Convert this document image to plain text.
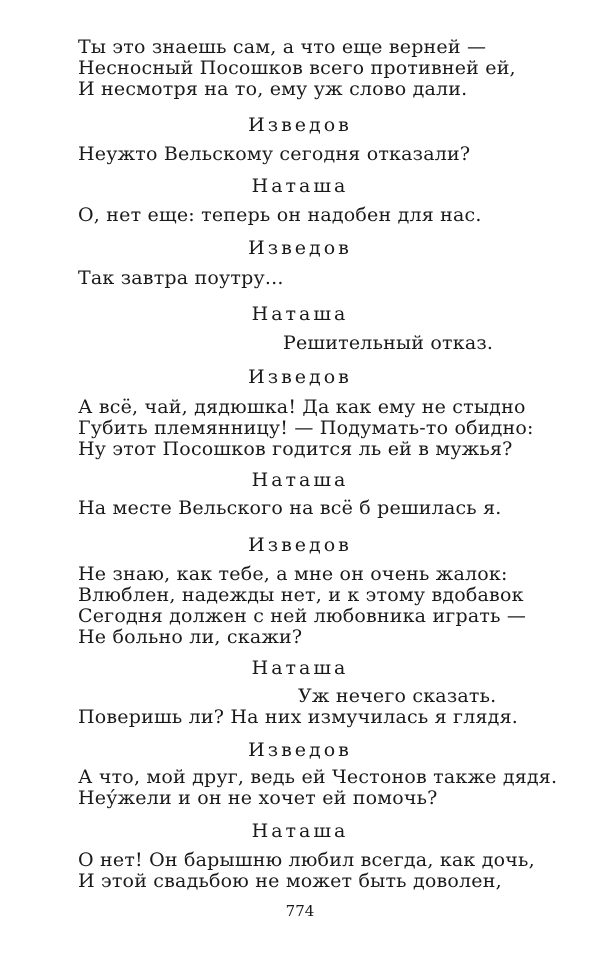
Ты это знаешь сам, а что еще верней —
Несносный Посошков всего противней ей,
И несмотря на то, ему уж слово дали.
Изведов
Неужто Вельскому сегодня отказали?
Наташа
О, нет еще: теперь он надобен для нас.
Изведов
Так завтра поутру...
Наташа
Решительный отказ.
Изведов
А всё, чай, дядюшка! Да как ему не стыдно
Губить племянницу! — Подумать-то обидно:
Ну этот Посошков годится ль ей в мужья?
Наташа
На месте Вельского на всё б решилась я.
Изведов
Не знаю, как тебе, а мне он очень жалок:
Влюблен, надежды нет, и к этому вдобавок
Сегодня должен с ней любовника играть —
Не больно ли, скажи?
Наташа
Уж нечего сказать.
Поверишь ли? На них измучилась я глядя.
Изведов
А что, мой друг, ведь ей Честонов также дядя.
Неу́жели и он не хочет ей помочь?
Наташа
О нет! Он барышню любил всегда, как дочь,
И этой свадьбою не может быть доволен,
774
